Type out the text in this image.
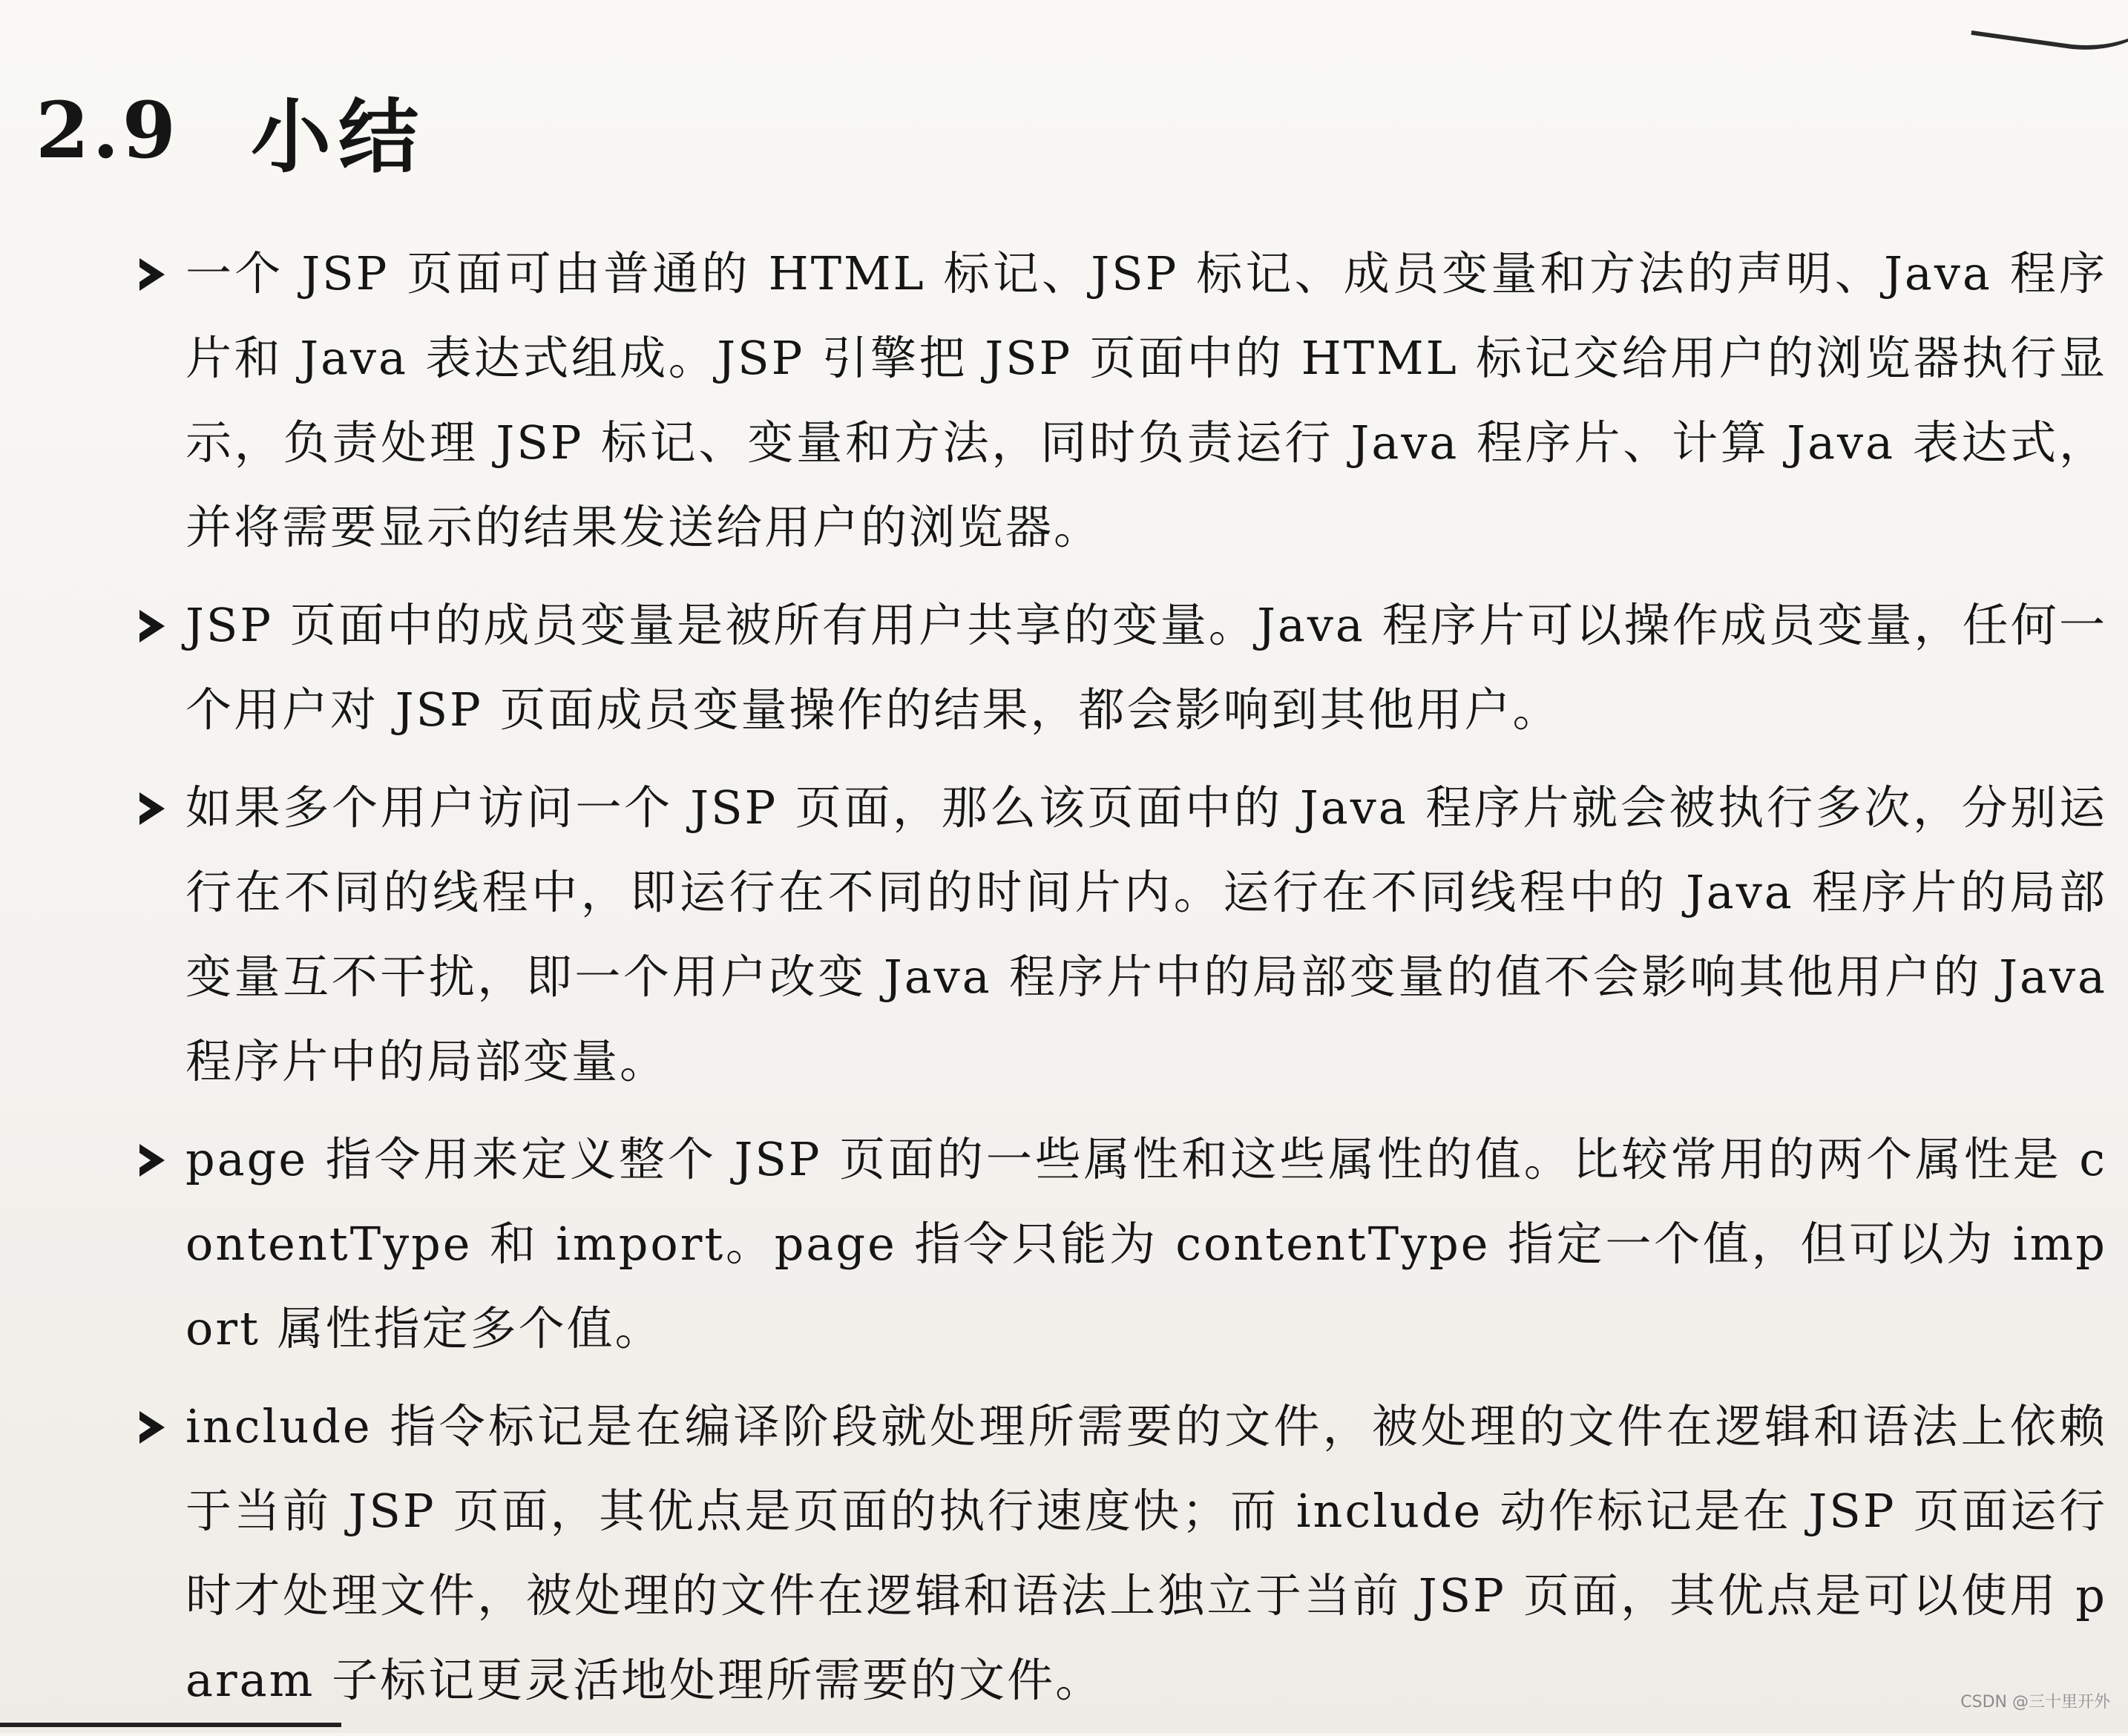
2.9 小结
一个 JSP 页面可由普通的 HTML 标记、JSP 标记、成员变量和方法的声明、Java 程序片和 Java 表达式组成。JSP 引擎把 JSP 页面中的 HTML 标记交给用户的浏览器执行显示，负责处理 JSP 标记、变量和方法，同时负责运行 Java 程序片、计算 Java 表达式，并将需要显示的结果发送给用户的浏览器。
JSP 页面中的成员变量是被所有用户共享的变量。Java 程序片可以操作成员变量，任何一个用户对 JSP 页面成员变量操作的结果，都会影响到其他用户。
如果多个用户访问一个 JSP 页面，那么该页面中的 Java 程序片就会被执行多次，分别运行在不同的线程中，即运行在不同的时间片内。运行在不同线程中的 Java 程序片的局部变量互不干扰，即一个用户改变 Java 程序片中的局部变量的值不会影响其他用户的 Java 程序片中的局部变量。
page 指令用来定义整个 JSP 页面的一些属性和这些属性的值。比较常用的两个属性是 contentType 和 import。page 指令只能为 contentType 指定一个值，但可以为 import 属性指定多个值。
include 指令标记是在编译阶段就处理所需要的文件，被处理的文件在逻辑和语法上依赖于当前 JSP 页面，其优点是页面的执行速度快；而 include 动作标记是在 JSP 页面运行时才处理文件，被处理的文件在逻辑和语法上独立于当前 JSP 页面，其优点是可以使用 param 子标记更灵活地处理所需要的文件。	CSDN @三十里开外
